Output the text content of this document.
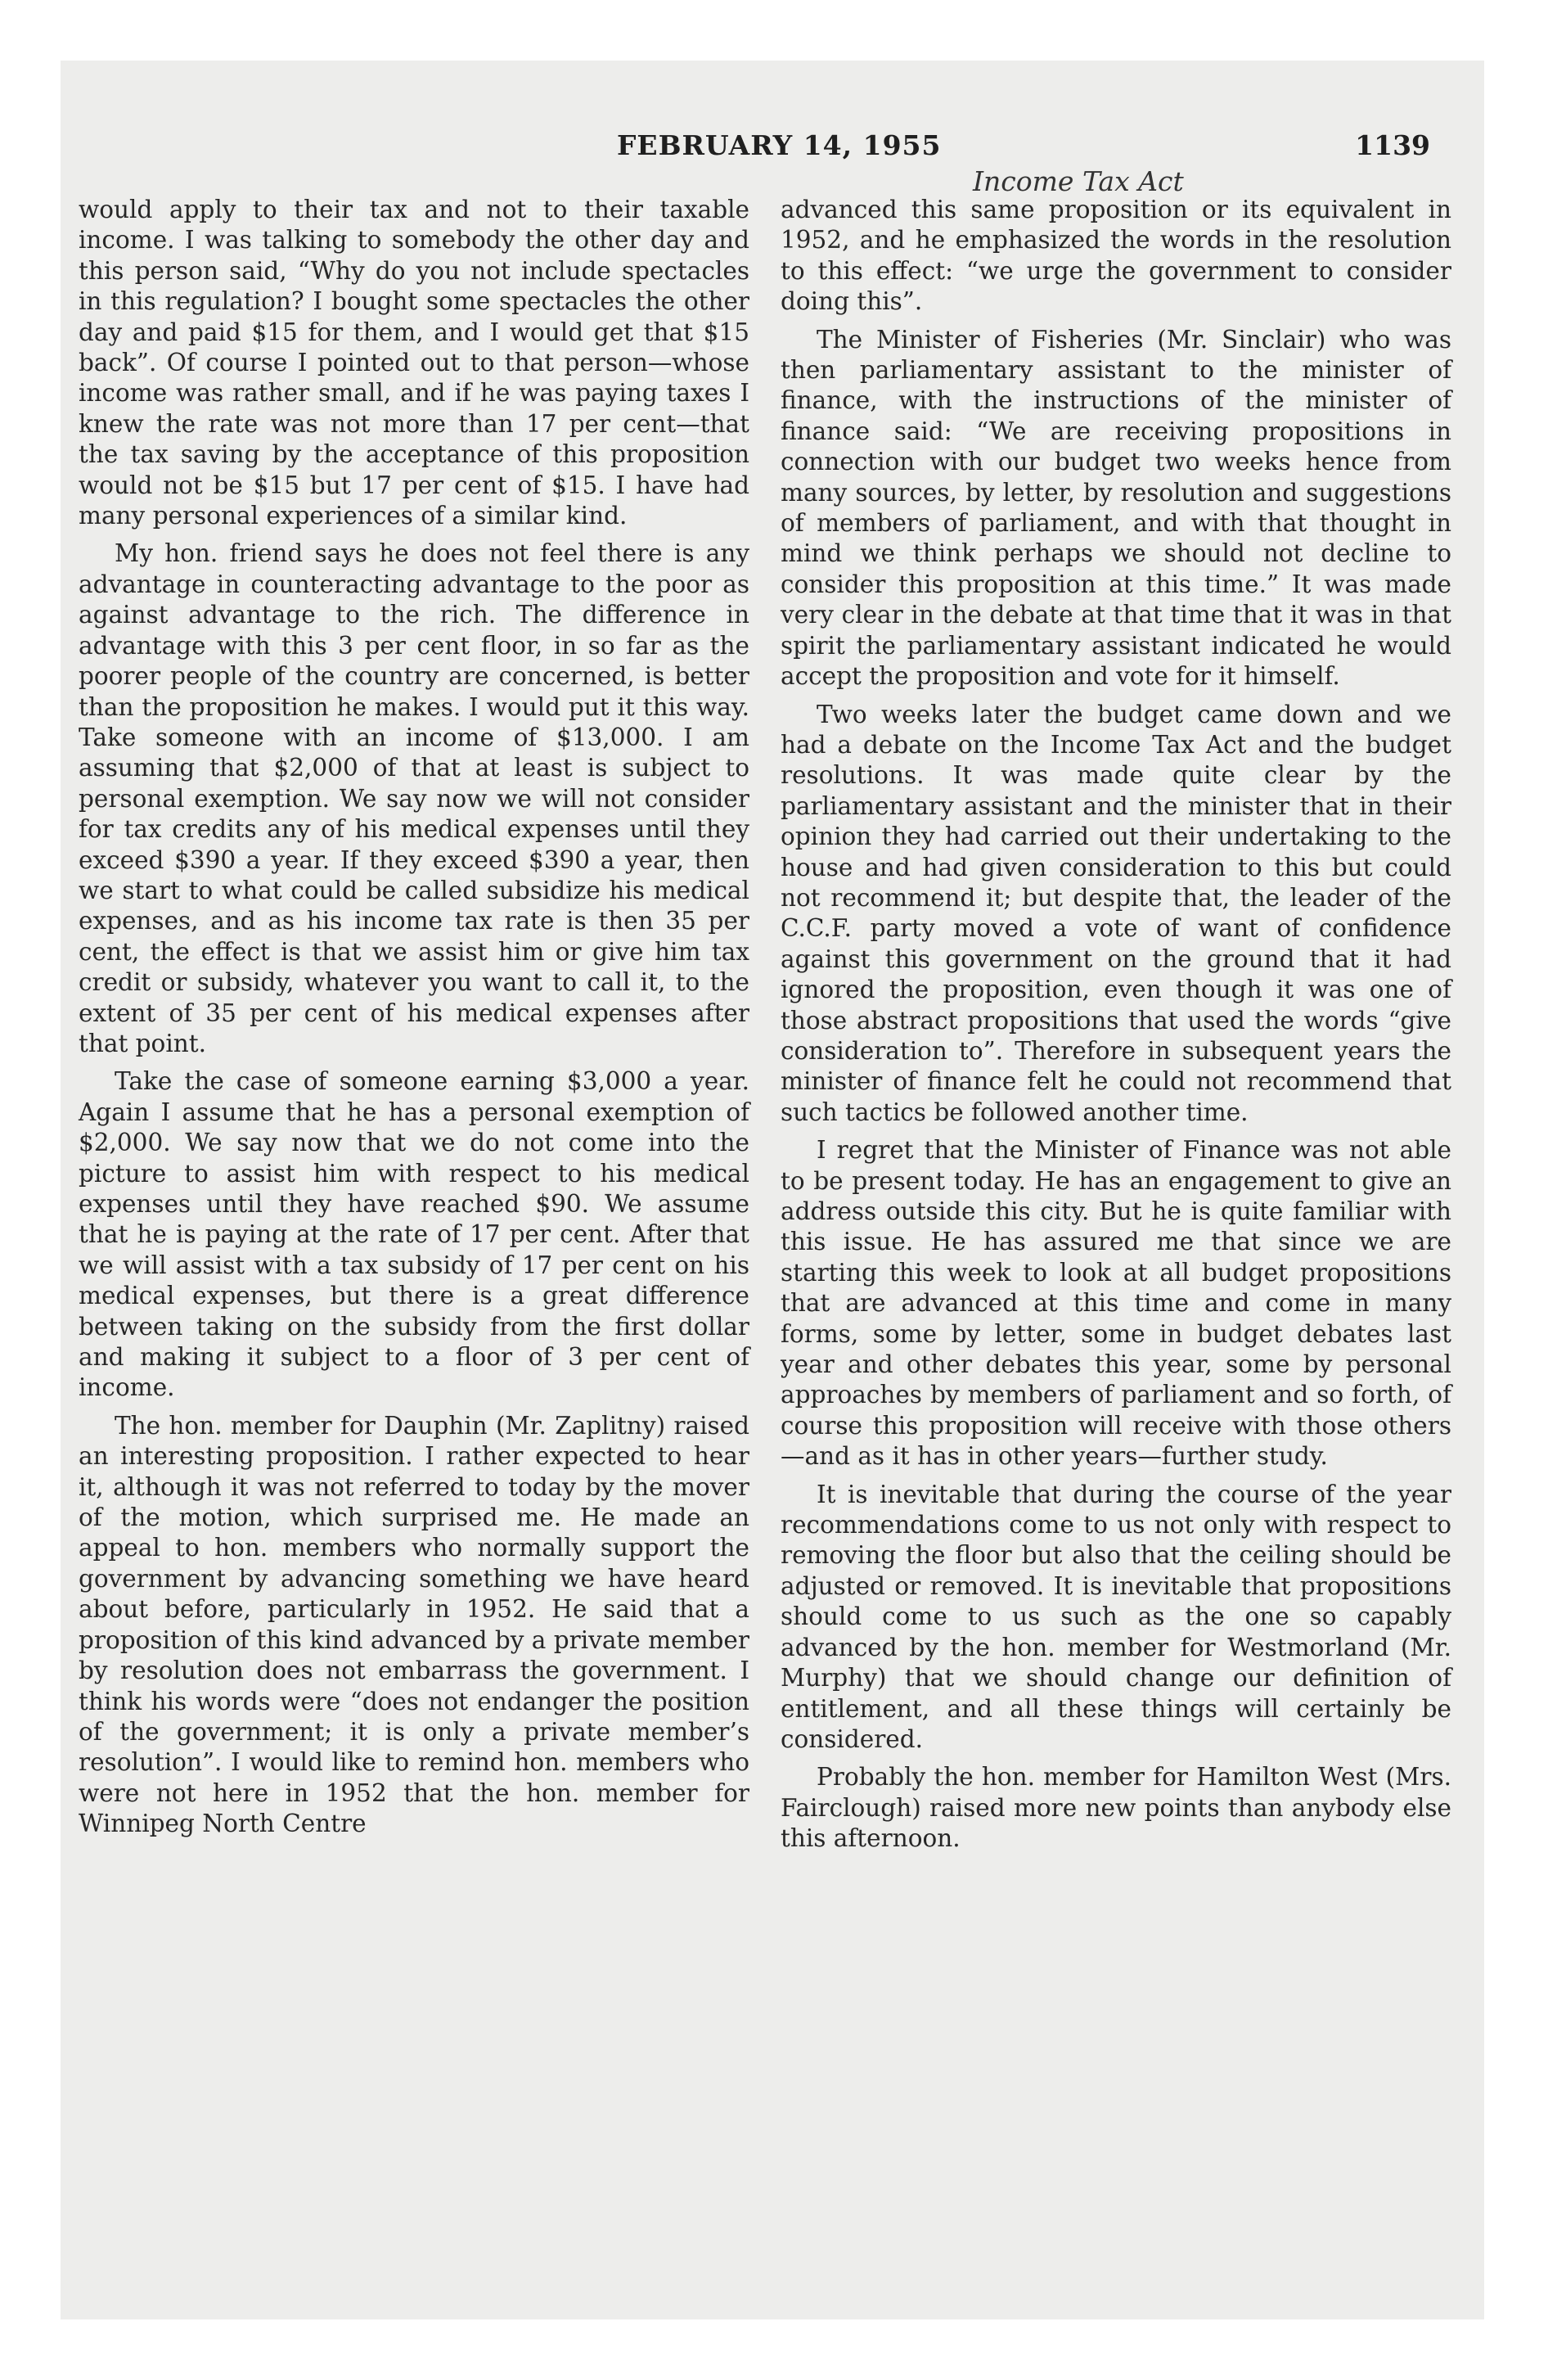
FEBRUARY 14, 1955	1139
Income Tax Act

would apply to their tax and not to their taxable income. I was talking to somebody the other day and this person said, “Why do you not include spectacles in this regulation? I bought some spectacles the other day and paid $15 for them, and I would get that $15 back”. Of course I pointed out to that person—whose income was rather small, and if he was paying taxes I knew the rate was not more than 17 per cent—that the tax saving by the acceptance of this proposition would not be $15 but 17 per cent of $15. I have had many personal experiences of a similar kind.

My hon. friend says he does not feel there is any advantage in counteracting advantage to the poor as against advantage to the rich. The difference in advantage with this 3 per cent floor, in so far as the poorer people of the country are concerned, is better than the proposition he makes. I would put it this way. Take someone with an income of $13,000. I am assuming that $2,000 of that at least is subject to personal exemption. We say now we will not consider for tax credits any of his medical expenses until they exceed $390 a year. If they exceed $390 a year, then we start to what could be called subsidize his medical expenses, and as his income tax rate is then 35 per cent, the effect is that we assist him or give him tax credit or subsidy, whatever you want to call it, to the extent of 35 per cent of his medical expenses after that point.

Take the case of someone earning $3,000 a year. Again I assume that he has a personal exemption of $2,000. We say now that we do not come into the picture to assist him with respect to his medical expenses until they have reached $90. We assume that he is paying at the rate of 17 per cent. After that we will assist with a tax subsidy of 17 per cent on his medical expenses, but there is a great difference between taking on the subsidy from the first dollar and making it subject to a floor of 3 per cent of income.

The hon. member for Dauphin (Mr. Zaplitny) raised an interesting proposition. I rather expected to hear it, although it was not referred to today by the mover of the motion, which surprised me. He made an appeal to hon. members who normally support the government by advancing something we have heard about before, particularly in 1952. He said that a proposition of this kind advanced by a private member by resolution does not embarrass the government. I think his words were “does not endanger the position of the government; it is only a private member’s resolution”. I would like to remind hon. members who were not here in 1952 that the hon. member for Winnipeg North Centre

advanced this same proposition or its equivalent in 1952, and he emphasized the words in the resolution to this effect: “we urge the government to consider doing this”.

The Minister of Fisheries (Mr. Sinclair) who was then parliamentary assistant to the minister of finance, with the instructions of the minister of finance said: “We are receiving propositions in connection with our budget two weeks hence from many sources, by letter, by resolution and suggestions of members of parliament, and with that thought in mind we think perhaps we should not decline to consider this proposition at this time.” It was made very clear in the debate at that time that it was in that spirit the parliamentary assistant indicated he would accept the proposition and vote for it himself.

Two weeks later the budget came down and we had a debate on the Income Tax Act and the budget resolutions. It was made quite clear by the parliamentary assistant and the minister that in their opinion they had carried out their undertaking to the house and had given consideration to this but could not recommend it; but despite that, the leader of the C.C.F. party moved a vote of want of confidence against this government on the ground that it had ignored the proposition, even though it was one of those abstract propositions that used the words “give consideration to”. Therefore in subsequent years the minister of finance felt he could not recommend that such tactics be followed another time.

I regret that the Minister of Finance was not able to be present today. He has an engagement to give an address outside this city. But he is quite familiar with this issue. He has assured me that since we are starting this week to look at all budget propositions that are advanced at this time and come in many forms, some by letter, some in budget debates last year and other debates this year, some by personal approaches by members of parliament and so forth, of course this proposition will receive with those others—and as it has in other years—further study.

It is inevitable that during the course of the year recommendations come to us not only with respect to removing the floor but also that the ceiling should be adjusted or removed. It is inevitable that propositions should come to us such as the one so capably advanced by the hon. member for Westmorland (Mr. Murphy) that we should change our definition of entitlement, and all these things will certainly be considered.

Probably the hon. member for Hamilton West (Mrs. Fairclough) raised more new points than anybody else this afternoon.
